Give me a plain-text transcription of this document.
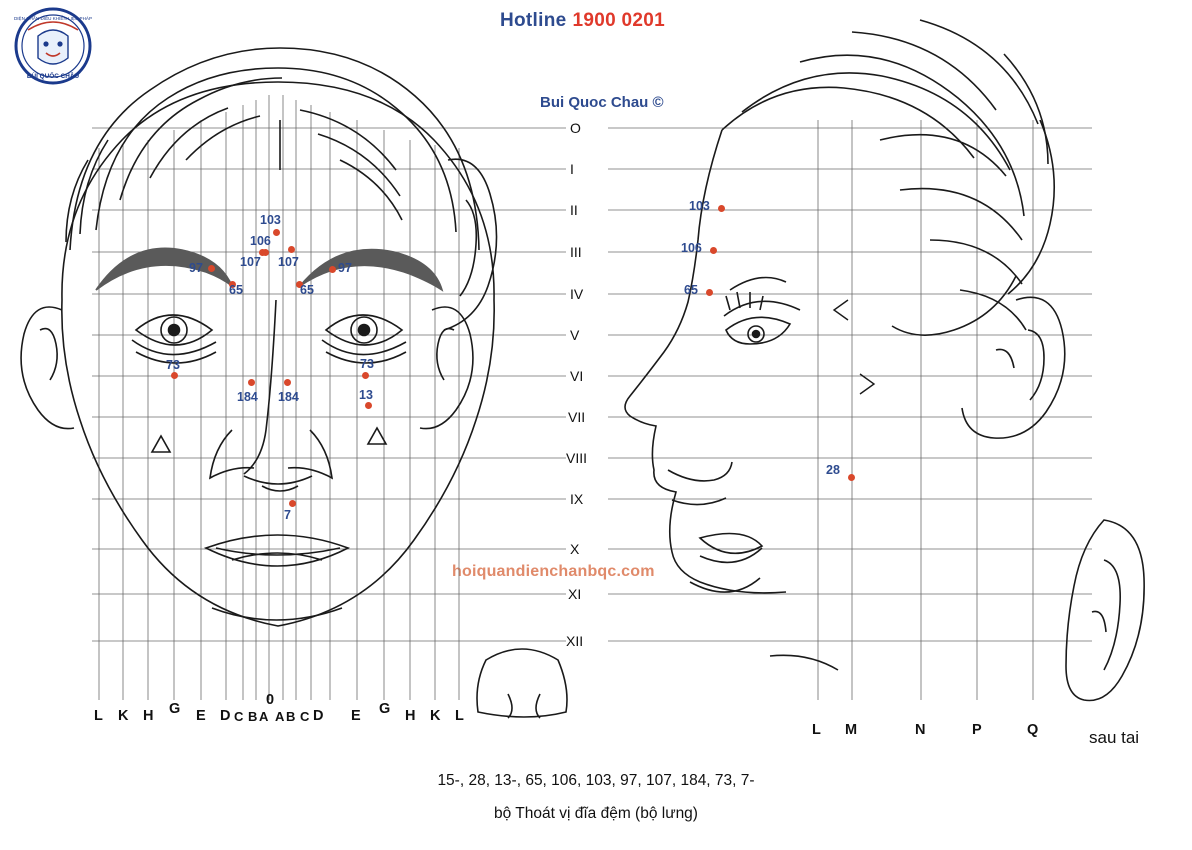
DIỆN CHẨN ĐIỀU KHIỂN LIỆU PHÁP
BÙI QUỐC CHÂU
Hotline 1900 0201
Bui Quoc Chau ©
hoiquandienchanbqc.com
sau tai
15-, 28, 13-, 65, 106, 103, 97, 107, 184, 73, 7-
bộ Thoát vị đĩa đệm (bộ lưng)
O
I
II
III
IV
V
VI
VII
VIII
IX
X
XI
XII
L K H G E D C B A A B C D E G H K L
0
L M	N	P	Q
103
106
107 107
97	97
65	65
73	73
184 184	13
7
103
106
65
28
